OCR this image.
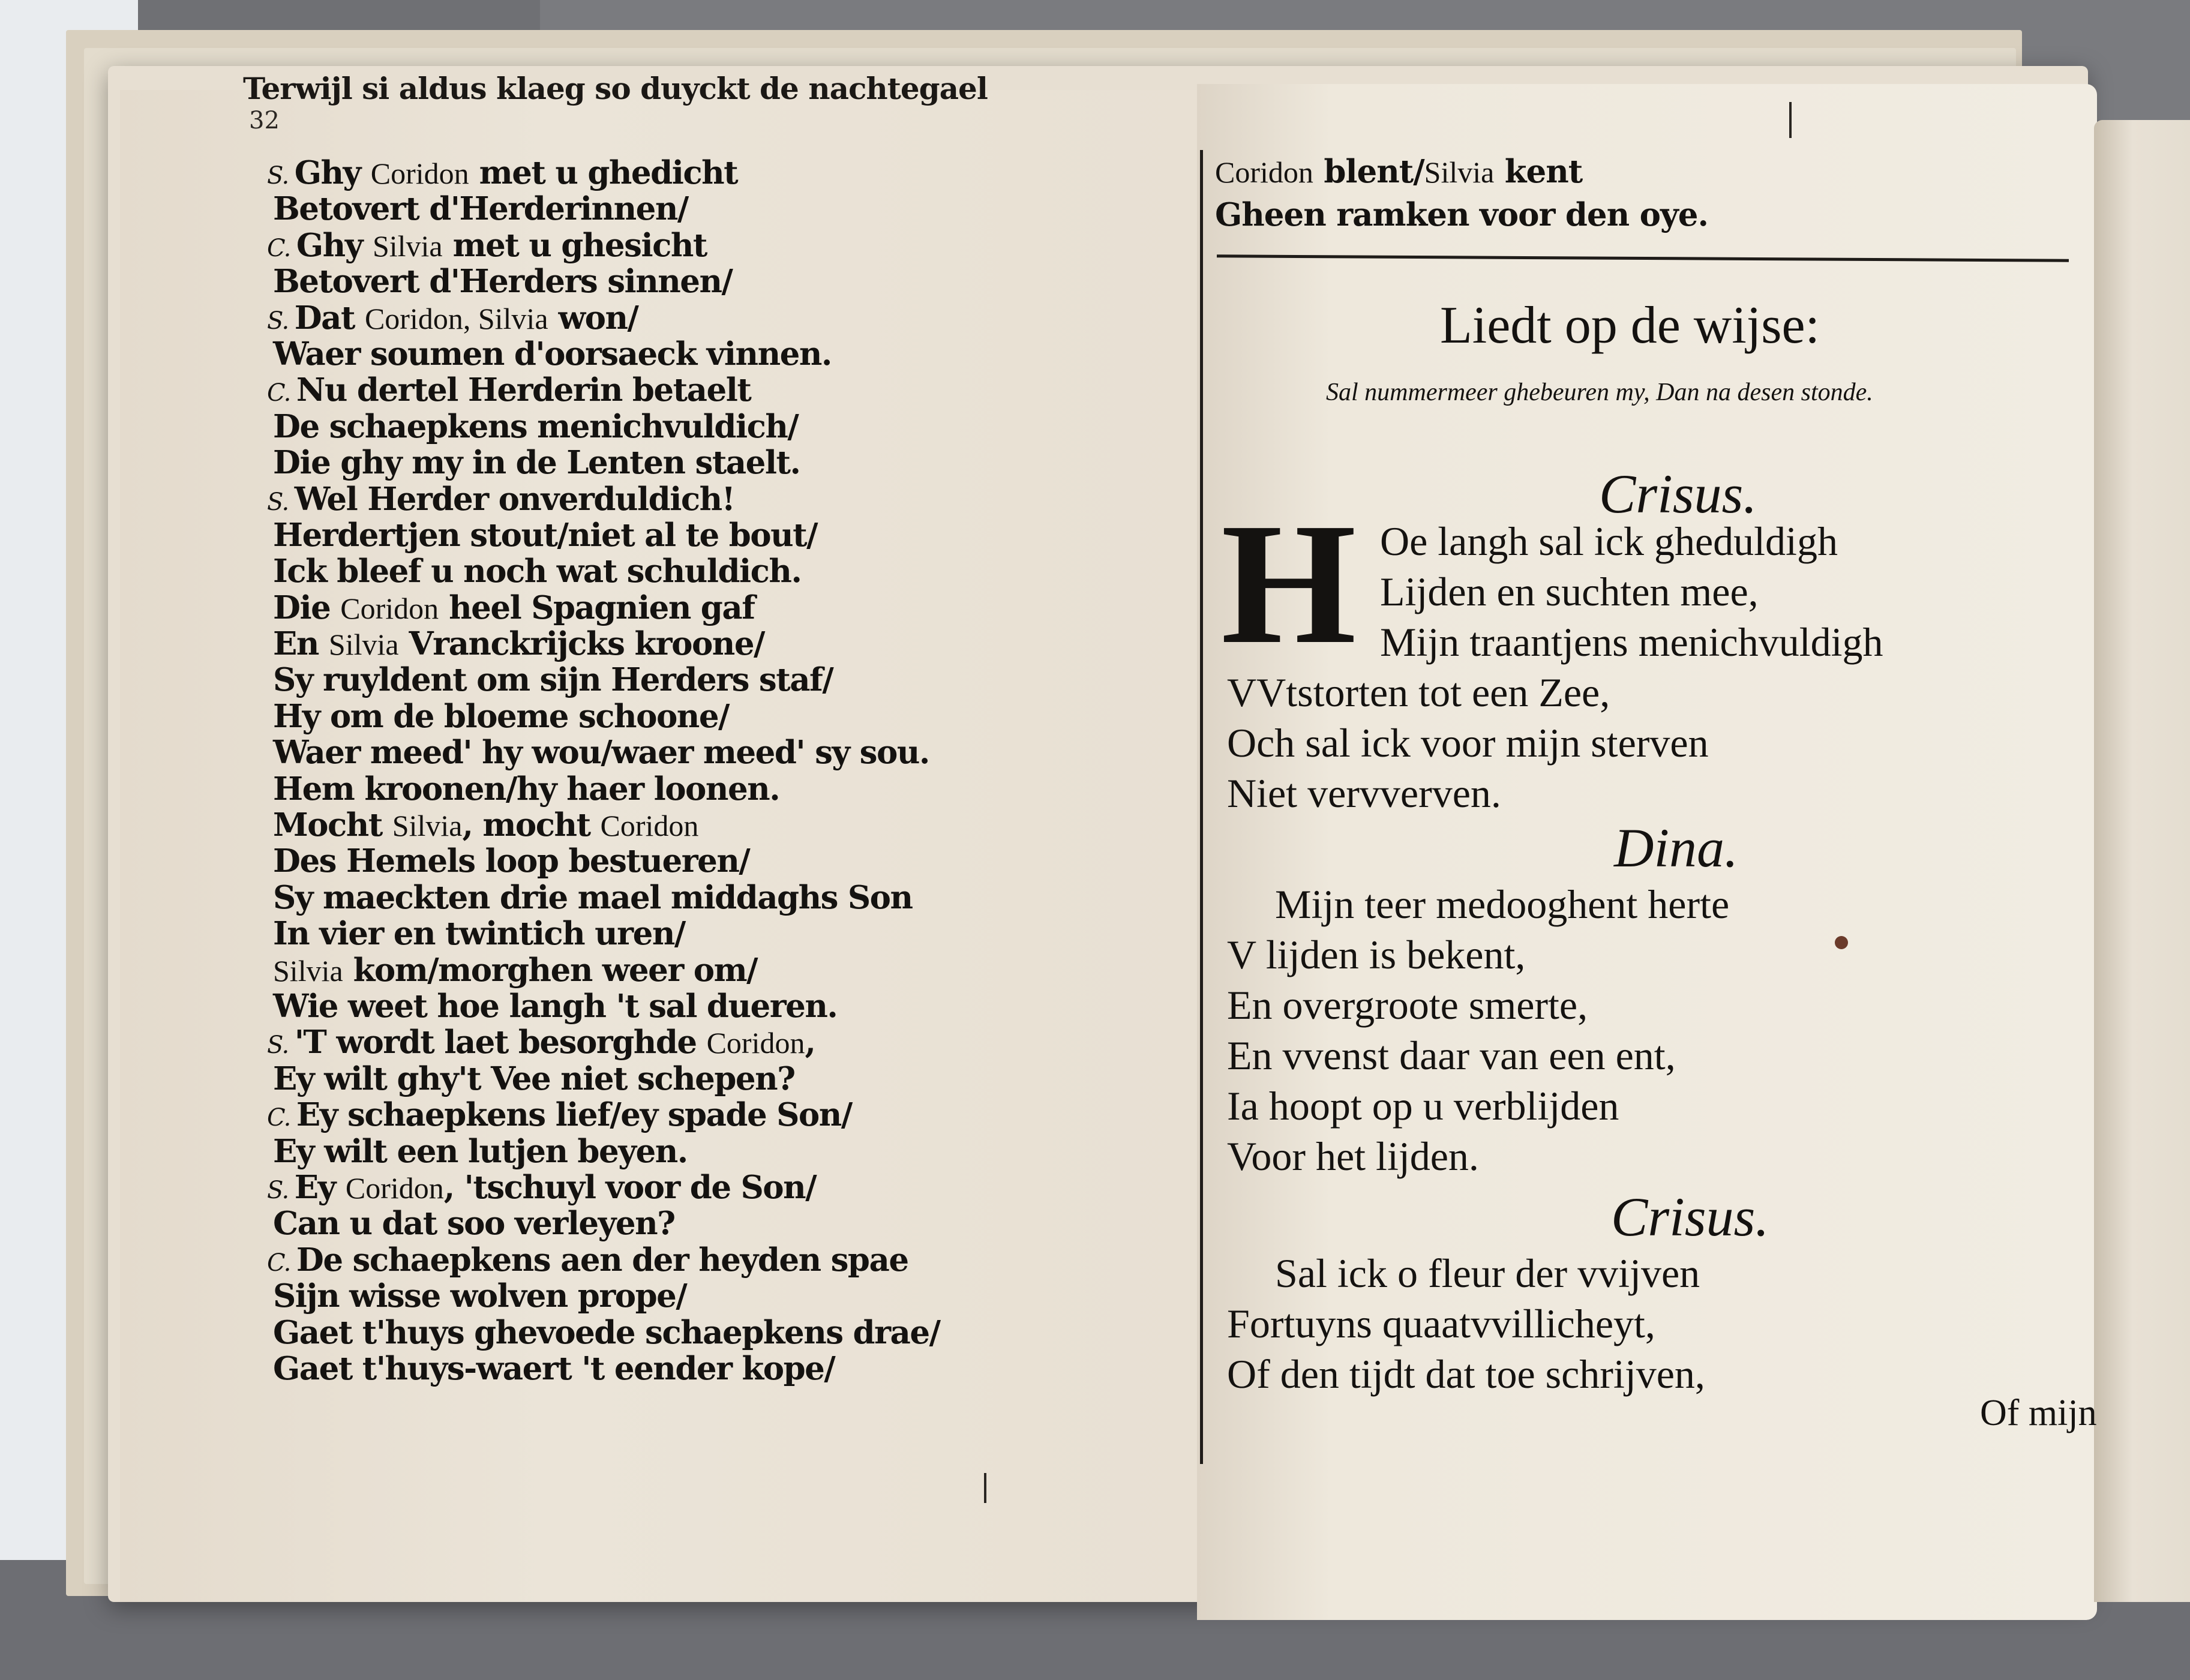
Terwijl si aldus klaeg so duyckt de nachtegael
32
S. Ghy Coridon met u ghedicht
Betovert d'Herderinnen/
C. Ghy Silvia met u ghesicht
Betovert d'Herders sinnen/
S. Dat Coridon, Silvia won/
Waer soumen d'oorsaeck vinnen.
C. Nu dertel Herderin betaelt
De schaepkens menichvuldich/
Die ghy my in de Lenten staelt.
S. Wel Herder onverduldich!
Herdertjen stout/niet al te bout/
Ick bleef u noch wat schuldich.
Die Coridon heel Spagnien gaf
En Silvia Vranckrijcks kroone/
Sy ruyldent om sijn Herders staf/
Hy om de bloeme schoone/
Waer meed' hy wou/waer meed' sy sou.
Hem kroonen/hy haer loonen.
Mocht Silvia, mocht Coridon
Des Hemels loop bestueren/
Sy maeckten drie mael middaghs Son
In vier en twintich uren/
Silvia kom/morghen weer om/
Wie weet hoe langh 't sal dueren.
S. 'T wordt laet besorghde Coridon,
Ey wilt ghy't Vee niet schepen?
C. Ey schaepkens lief/ey spade Son/
Ey wilt een lutjen beyen.
S. Ey Coridon, 'tschuyl voor de Son/
Can u dat soo verleyen?
C. De schaepkens aen der heyden spae
Sijn wisse wolven prope/
Gaet t'huys ghevoede schaepkens drae/
Gaet t'huys-waert 't eender kope/
Coridon blent/Silvia kent
Gheen ramken voor den oye.
Liedt op de wijse:
Sal nummermeer ghebeuren my, Dan na desen stonde.
Crisus.
H Oe langh sal ick gheduldigh
Lijden en suchten mee,
Mijn traantjens menichvuldigh
VVtstorten tot een Zee,
Och sal ick voor mijn sterven
Niet vervverven.
Dina.
Mijn teer medooghent herte
V lijden is bekent,
En overgroote smerte,
En vvenst daar van een ent,
Ia hoopt op u verblijden
Voor het lijden.
Crisus.
Sal ick o fleur der vvijven
Fortuyns quaatvvillicheyt,
Of den tijdt dat toe schrijven,
Of mijn
